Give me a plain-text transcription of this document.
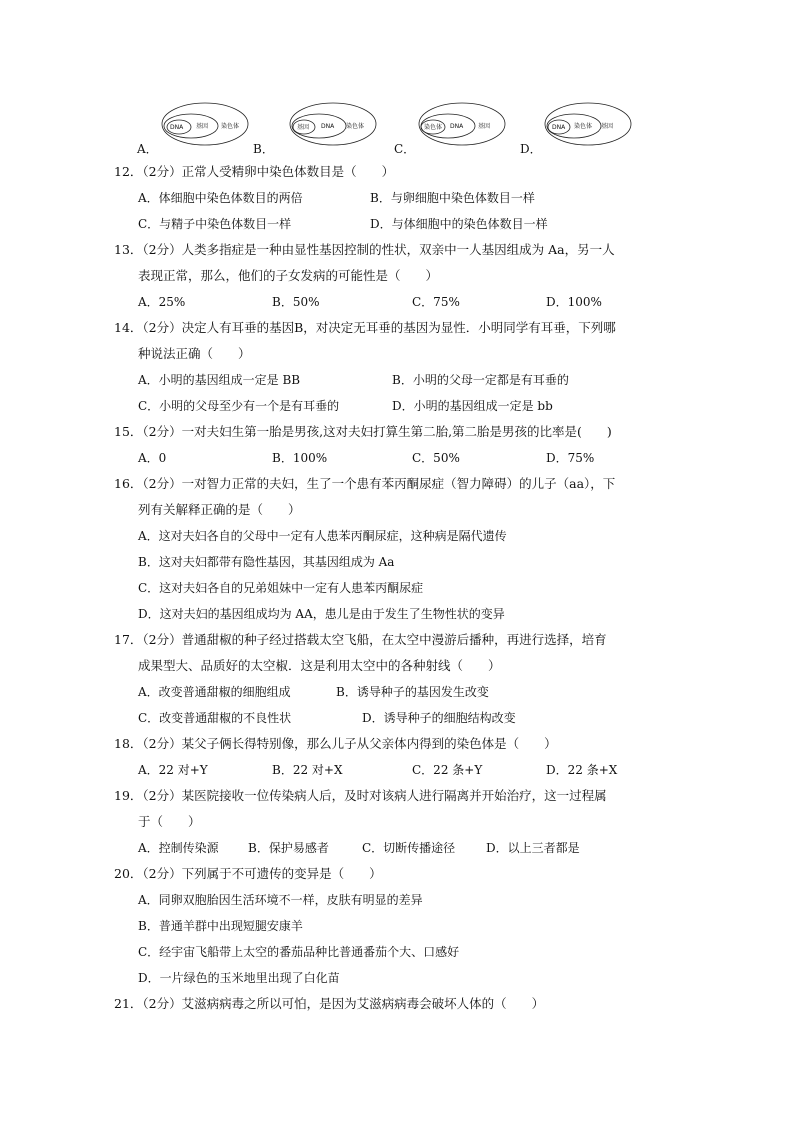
A．
DNA 基因 染色体
B．
基因 DNA 染色体
C．
染色体 DNA 基因
D．
DNA 染色体 基因
12．（2分）正常人受精卵中染色体数目是（　　）
A．体细胞中染色体数目的两倍	B．与卵细胞中染色体数目一样
C．与精子中染色体数目一样	D．与体细胞中的染色体数目一样
13．（2分）人类多指症是一种由显性基因控制的性状，双亲中一人基因组成为 Aa，另一人
表现正常，那么，他们的子女发病的可能性是（　　）
A．25%	B．50%	C．75%	D．100%
14．（2分）决定人有耳垂的基因B，对决定无耳垂的基因为显性．小明同学有耳垂，下列哪
种说法正确（　　）
A．小明的基因组成一定是 BB	B．小明的父母一定都是有耳垂的
C．小明的父母至少有一个是有耳垂的	D．小明的基因组成一定是 bb
15．（2分）一对夫妇生第一胎是男孩,这对夫妇打算生第二胎,第二胎是男孩的比率是(　　)
A．0	B．100%	C．50%	D．75%
16．（2分）一对智力正常的夫妇，生了一个患有苯丙酮尿症（智力障碍）的儿子（aa），下
列有关解释正确的是（　　）
A．这对夫妇各自的父母中一定有人患苯丙酮尿症，这种病是隔代遗传
B．这对夫妇都带有隐性基因，其基因组成为 Aa
C．这对夫妇各自的兄弟姐妹中一定有人患苯丙酮尿症
D．这对夫妇的基因组成均为 AA，患儿是由于发生了生物性状的变异
17．（2分）普通甜椒的种子经过搭载太空飞船，在太空中漫游后播种，再进行选择，培育
成果型大、品质好的太空椒．这是利用太空中的各种射线（　　）
A．改变普通甜椒的细胞组成	B．诱导种子的基因发生改变
C．改变普通甜椒的不良性状	D．诱导种子的细胞结构改变
18．（2分）某父子俩长得特别像，那么儿子从父亲体内得到的染色体是（　　）
A．22 对+Y	B．22 对+X	C．22 条+Y	D．22 条+X
19．（2分）某医院接收一位传染病人后，及时对该病人进行隔离并开始治疗，这一过程属
于（　　）
A．控制传染源 B．保护易感者	C．切断传播途径	D．以上三者都是
20．（2分）下列属于不可遗传的变异是（　　）
A．同卵双胞胎因生活环境不一样，皮肤有明显的差异
B．普通羊群中出现短腿安康羊
C．经宇宙飞船带上太空的番茄品种比普通番茄个大、口感好
D．一片绿色的玉米地里出现了白化苗
21．（2分）艾滋病病毒之所以可怕，是因为艾滋病病毒会破坏人体的（　　）
